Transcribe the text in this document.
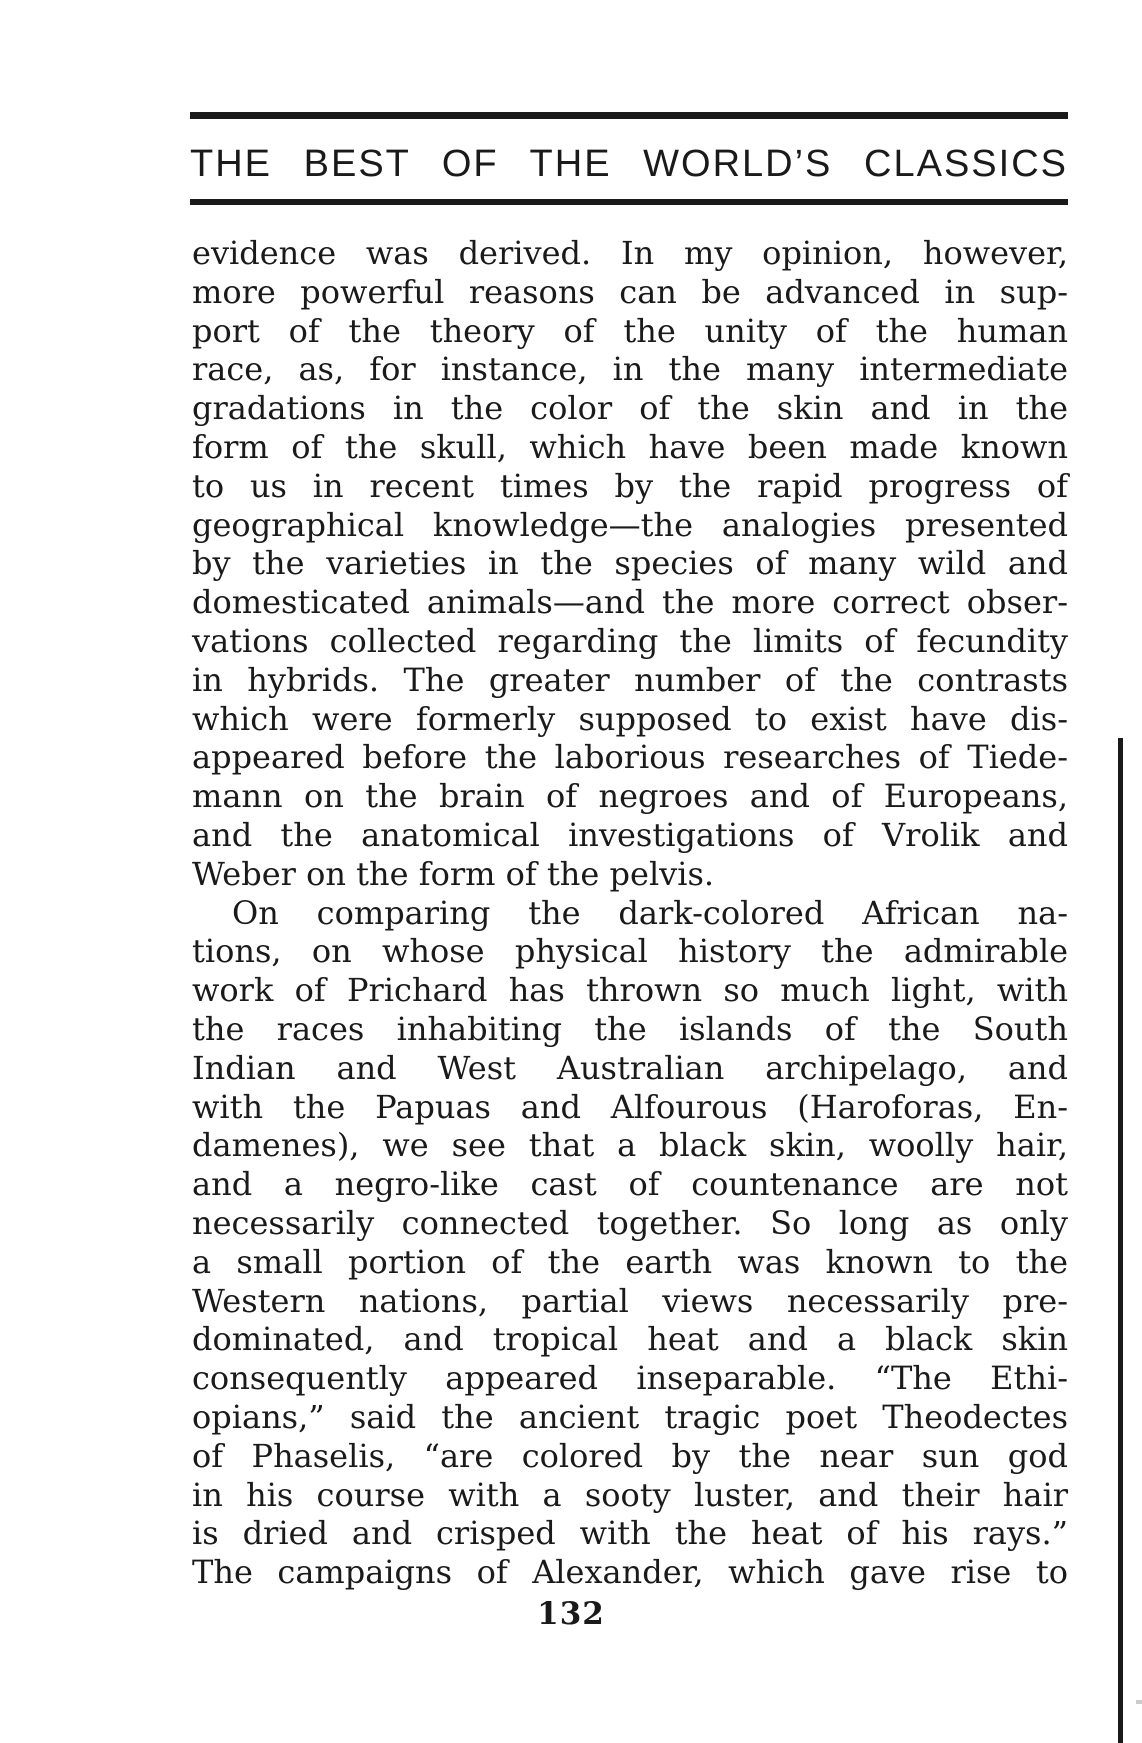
THE BEST OF THE WORLD’S CLASSICS
evidence was derived. In my opinion, however,
more powerful reasons can be advanced in sup-
port of the theory of the unity of the human
race, as, for instance, in the many intermediate
gradations in the color of the skin and in the
form of the skull, which have been made known
to us in recent times by the rapid progress of
geographical knowledge—the analogies presented
by the varieties in the species of many wild and
domesticated animals—and the more correct obser-
vations collected regarding the limits of fecundity
in hybrids. The greater number of the contrasts
which were formerly supposed to exist have dis-
appeared before the laborious researches of Tiede-
mann on the brain of negroes and of Europeans,
and the anatomical investigations of Vrolik and
Weber on the form of the pelvis.
On comparing the dark-colored African na-
tions, on whose physical history the admirable
work of Prichard has thrown so much light, with
the races inhabiting the islands of the South
Indian and West Australian archipelago, and
with the Papuas and Alfourous (Haroforas, En-
damenes), we see that a black skin, woolly hair,
and a negro-like cast of countenance are not
necessarily connected together. So long as only
a small portion of the earth was known to the
Western nations, partial views necessarily pre-
dominated, and tropical heat and a black skin
consequently appeared inseparable. “The Ethi-
opians,” said the ancient tragic poet Theodectes
of Phaselis, “are colored by the near sun god
in his course with a sooty luster, and their hair
is dried and crisped with the heat of his rays.”
The campaigns of Alexander, which gave rise to
132
